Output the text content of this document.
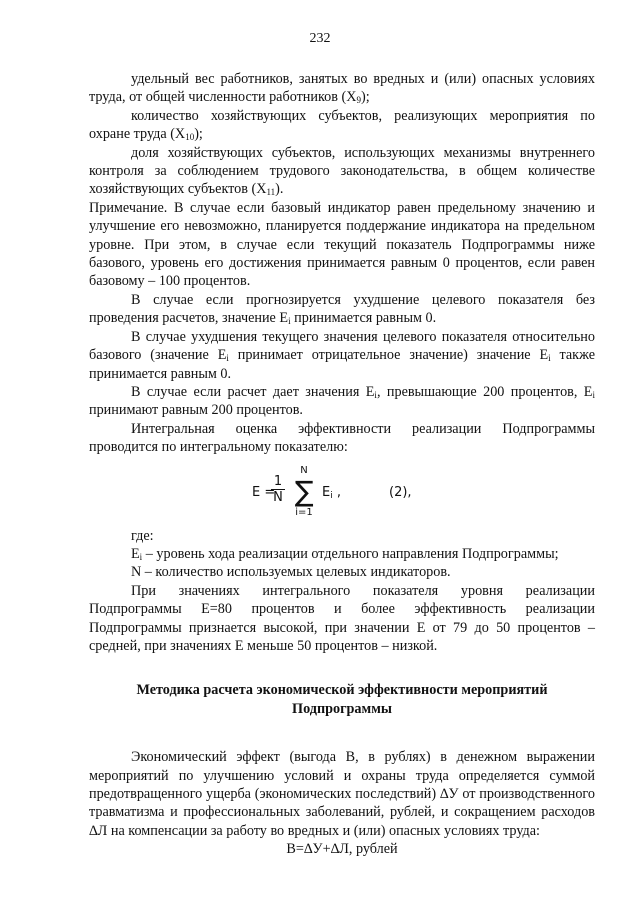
232

удельный вес работников, занятых во вредных и (или) опасных условиях труда, от общей численности работников $(X_9)$;

количество хозяйствующих субъектов, реализующих мероприятия по охране труда $(X_{10})$;

доля хозяйствующих субъектов, использующих механизмы внутреннего контроля за соблюдением трудового законодательства, в общем количестве хозяйствующих субъектов $(X_{11})$.

Примечание. В случае если базовый индикатор равен предельному значению и улучшение его невозможно, планируется поддержание индикатора на предельном уровне. При этом, в случае если текущий показатель Подпрограммы ниже базового, уровень его достижения принимается равным 0 процентов, если равен базовому – 100 процентов.

В случае если прогнозируется ухудшение целевого показателя без проведения расчетов, значение $E_i$ принимается равным 0.

В случае ухудшения текущего значения целевого показателя относительно базового (значение $E_i$ принимает отрицательное значение) значение $E_i$ также принимается равным 0.

В случае если расчет дает значения $E_i$, превышающие 200 процентов, $E_i$ принимают равным 200 процентов.

Интегральная оценка эффективности реализации Подпрограммы проводится по интегральному показателю:

E =
1
N
N
∑
i=1
$E_i$ ,	(2),

где:

$E_i$ – уровень хода реализации отдельного направления Подпрограммы;

N – количество используемых целевых индикаторов.

При значениях интегрального показателя уровня реализации Подпрограммы E=80 процентов и более эффективность реализации Подпрограммы признается высокой, при значении E от 79 до 50 процентов – средней, при значениях E меньше 50 процентов – низкой.

Методика расчета экономической эффективности мероприятий Подпрограммы

Экономический эффект (выгода B, в рублях) в денежном выражении мероприятий по улучшению условий и охраны труда определяется суммой предотвращенного ущерба (экономических последствий) ∆У от производственного травматизма и профессиональных заболеваний, рублей, и сокращением расходов ∆Л на компенсации за работу во вредных и (или) опасных условиях труда:

B=∆У+∆Л, рублей
